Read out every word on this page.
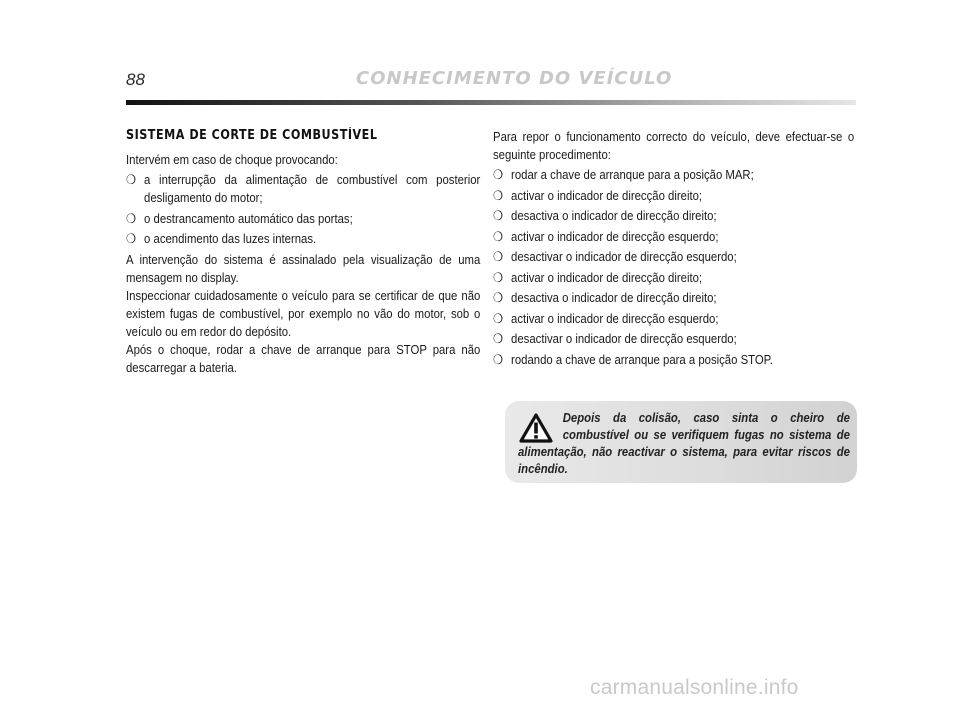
88	CONHECIMENTO DO VEÍCULO
SISTEMA DE CORTE DE COMBUSTÍVEL

Intervém em caso de choque provocando:

❍ a interrupção da alimentação de combustível com posterior desligamento do motor;
❍ o destrancamento automático das portas;
❍ o acendimento das luzes internas.

A intervenção do sistema é assinalado pela visualização de uma mensagem no display.

Inspeccionar cuidadosamente o veículo para se certificar de que não existem fugas de combustível, por exemplo no vão do motor, sob o veículo ou em redor do depósito.

Após o choque, rodar a chave de arranque para STOP para não descarregar a bateria.

Para repor o funcionamento correcto do veículo, deve efectuar-se o seguinte procedimento:

❍ rodar a chave de arranque para a posição MAR;
❍ activar o indicador de direcção direito;
❍ desactiva o indicador de direcção direito;
❍ activar o indicador de direcção esquerdo;
❍ desactivar o indicador de direcção esquerdo;
❍ activar o indicador de direcção direito;
❍ desactiva o indicador de direcção direito;
❍ activar o indicador de direcção esquerdo;
❍ desactivar o indicador de direcção esquerdo;
❍ rodando a chave de arranque para a posição STOP.

Depois da colisão, caso sinta o cheiro de combustível ou se verifiquem fugas no sistema de alimentação, não reactivar o sistema, para evitar riscos de incêndio.

carmanualsonline.info
